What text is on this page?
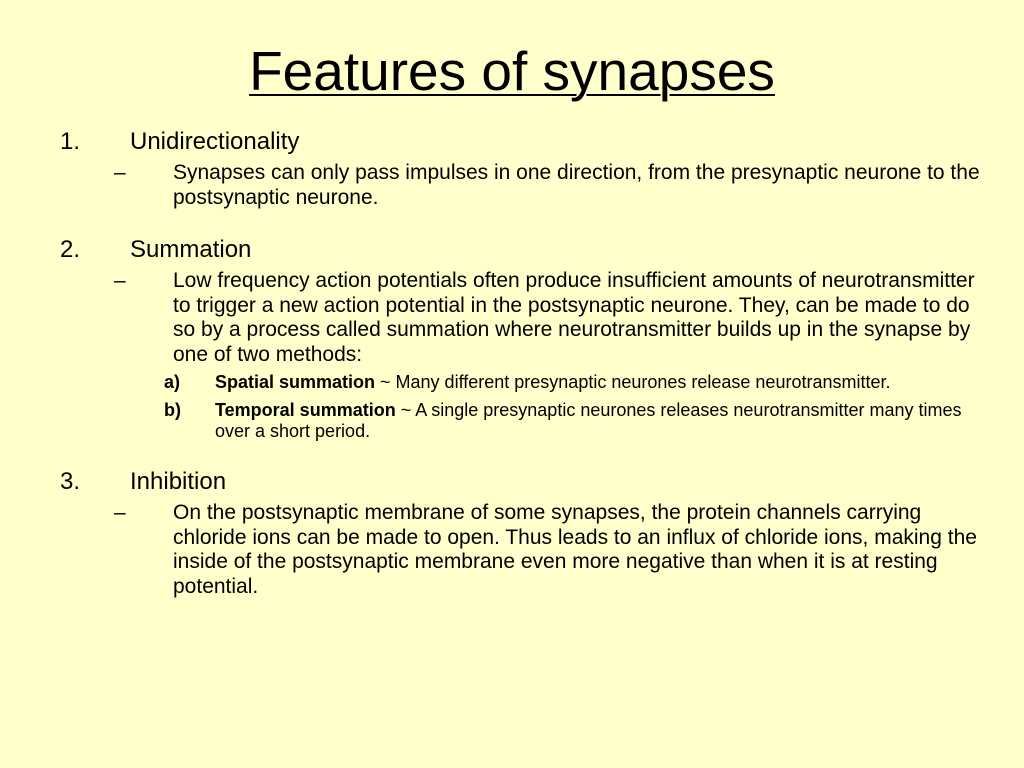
Features of synapses
1. Unidirectionality
– Synapses can only pass impulses in one direction, from the presynaptic neurone to the postsynaptic neurone.
2. Summation
– Low frequency action potentials often produce insufficient amounts of neurotransmitter to trigger a new action potential in the postsynaptic neurone. They, can be made to do so by a process called summation where neurotransmitter builds up in the synapse by one of two methods:
a) Spatial summation ~ Many different presynaptic neurones release neurotransmitter.
b) Temporal summation ~ A single presynaptic neurones releases neurotransmitter many times over a short period.
3. Inhibition
– On the postsynaptic membrane of some synapses, the protein channels carrying chloride ions can be made to open. Thus leads to an influx of chloride ions, making the inside of the postsynaptic membrane even more negative than when it is at resting potential.
